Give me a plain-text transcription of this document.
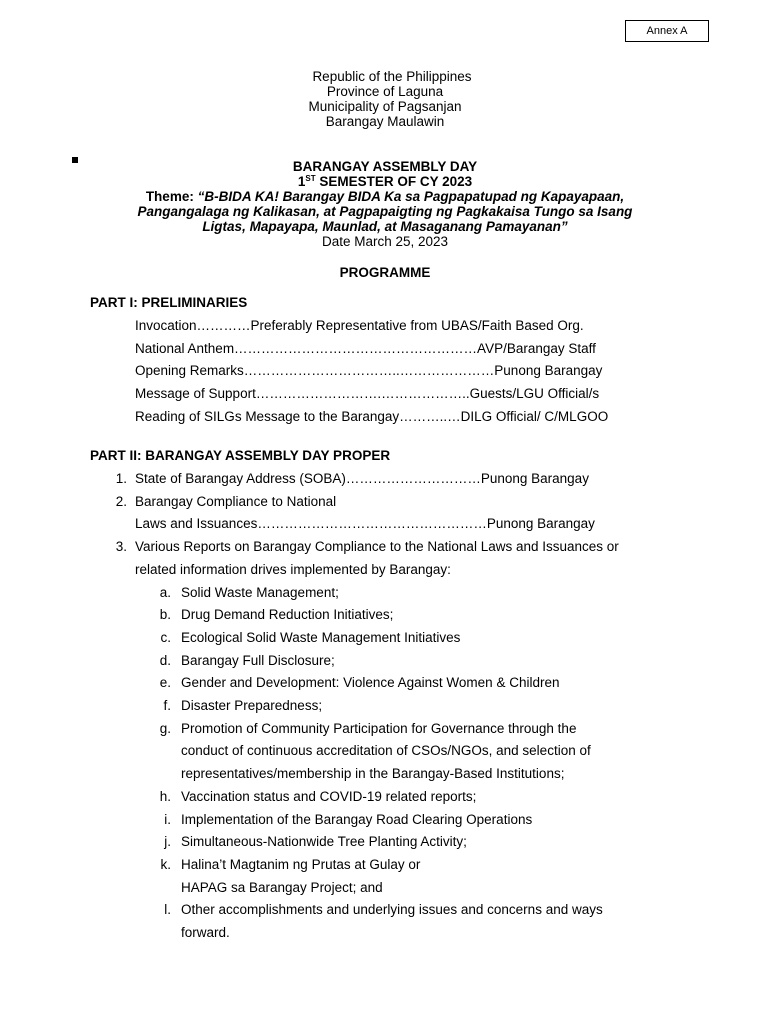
Annex A
Republic of the Philippines
Province of Laguna
Municipality of Pagsanjan
Barangay Maulawin
BARANGAY ASSEMBLY DAY
1ST SEMESTER OF CY 2023
Theme: “B-BIDA KA! Barangay BIDA Ka sa Pagpapatupad ng Kapayapaan,
Pangangalaga ng Kalikasan, at Pagpapaigting ng Pagkakaisa Tungo sa Isang
Ligtas, Mapayapa, Maunlad, at Masaganang Pamayanan”
Date March 25, 2023
PROGRAMME
PART I: PRELIMINARIES
PART II: BARANGAY ASSEMBLY DAY PROPER
Invocation…………Preferably Representative from UBAS/Faith Based Org.
National Anthem………………………………………………AVP/Barangay Staff
Opening Remarks……………………………..…………………Punong Barangay
Message of Support……………………….………………..Guests/LGU Official/s
Reading of SILGs Message to the Barangay………..…DILG Official/ C/MLGOO
1. State of Barangay Address (SOBA)…………………………Punong Barangay
2. Barangay Compliance to National
Laws and Issuances……………………………………………Punong Barangay
3. Various Reports on Barangay Compliance to the National Laws and Issuances or
related information drives implemented by Barangay:
a. Solid Waste Management;
b. Drug Demand Reduction Initiatives;
c. Ecological Solid Waste Management Initiatives
d. Barangay Full Disclosure;
e. Gender and Development: Violence Against Women & Children
f. Disaster Preparedness;
g. Promotion of Community Participation for Governance through the
conduct of continuous accreditation of CSOs/NGOs, and selection of
representatives/membership in the Barangay-Based Institutions;
h. Vaccination status and COVID-19 related reports;
i. Implementation of the Barangay Road Clearing Operations
j. Simultaneous-Nationwide Tree Planting Activity;
k. Halina’t Magtanim ng Prutas at Gulay or
HAPAG sa Barangay Project; and
l. Other accomplishments and underlying issues and concerns and ways
forward.
